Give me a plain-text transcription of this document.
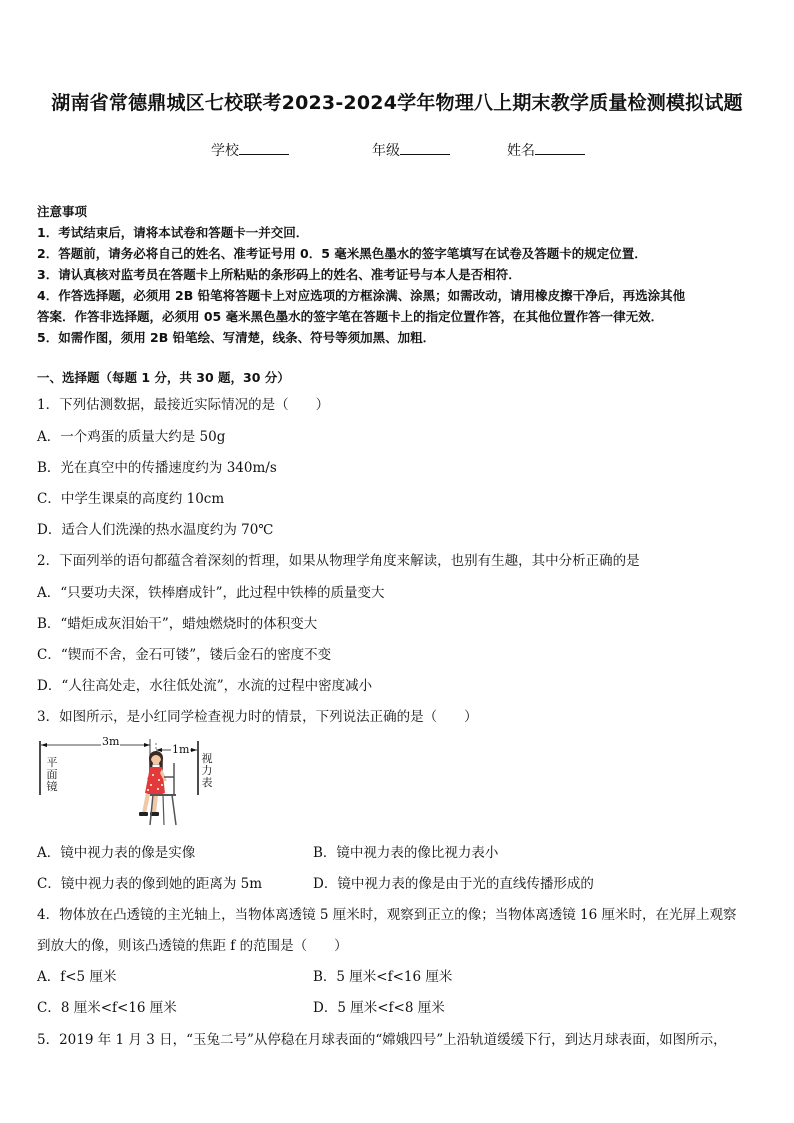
湖南省常德鼎城区七校联考2023-2024学年物理八上期末教学质量检测模拟试题
学校	年级	姓名
注意事项
1．考试结束后，请将本试卷和答题卡一并交回．
2．答题前，请务必将自己的姓名、准考证号用 0．5 毫米黑色墨水的签字笔填写在试卷及答题卡的规定位置．
3．请认真核对监考员在答题卡上所粘贴的条形码上的姓名、准考证号与本人是否相符．
4．作答选择题，必须用 2B 铅笔将答题卡上对应选项的方框涂满、涂黑；如需改动，请用橡皮擦干净后，再选涂其他
答案．作答非选择题，必须用 05 毫米黑色墨水的签字笔在答题卡上的指定位置作答，在其他位置作答一律无效．
5．如需作图，须用 2B 铅笔绘、写清楚，线条、符号等须加黑、加粗．
一、选择题（每题 1 分，共 30 题，30 分）
1．下列估测数据，最接近实际情况的是（　　）
A．一个鸡蛋的质量大约是 50g
B．光在真空中的传播速度约为 340m/s
C．中学生课桌的高度约 10cm
D．适合人们洗澡的热水温度约为 70℃
2．下面列举的语句都蕴含着深刻的哲理，如果从物理学角度来解读，也别有生趣，其中分析正确的是
A．“只要功夫深，铁棒磨成针”，此过程中铁棒的质量变大
B．“蜡炬成灰泪始干”，蜡烛燃烧时的体积变大
C．“锲而不舍，金石可镂”，镂后金石的密度不变
D．“人往高处走，水往低处流”，水流的过程中密度减小
3．如图所示，是小红同学检查视力时的情景，下列说法正确的是（　　）
3m
1m
平面镜
视力表
A．镜中视力表的像是实像	B．镜中视力表的像比视力表小
C．镜中视力表的像到她的距离为 5m	D．镜中视力表的像是由于光的直线传播形成的
4．物体放在凸透镜的主光轴上，当物体离透镜 5 厘米时，观察到正立的像；当物体离透镜 16 厘米时，在光屏上观察
到放大的像，则该凸透镜的焦距 f 的范围是（　　）
A．f<5 厘米	B．5 厘米<f<16 厘米
C．8 厘米<f<16 厘米	D．5 厘米<f<8 厘米
5．2019 年 1 月 3 日，“玉兔二号”从停稳在月球表面的“嫦娥四号”上沿轨道缓缓下行，到达月球表面，如图所示，
